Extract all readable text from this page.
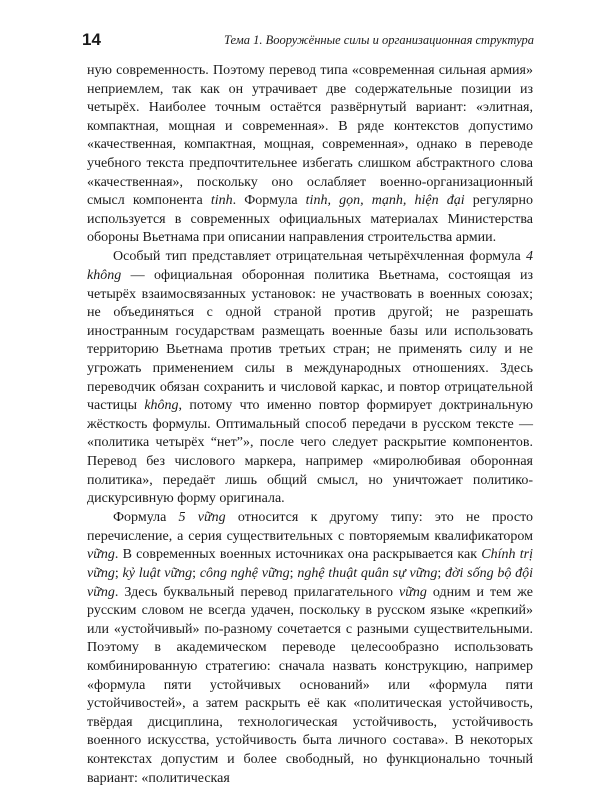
14	Тема 1. Вооружённые силы и организационная структура

ную современность. Поэтому перевод типа «современная сильная армия» неприемлем, так как он утрачивает две содержательные позиции из четырёх. Наиболее точным остаётся развёрнутый вариант: «элитная, компактная, мощная и современная». В ряде контекстов допустимо «качественная, компактная, мощная, современная», однако в переводе учебного текста предпочтительнее избегать слишком абстрактного слова «качественная», поскольку оно ослабляет военно-организационный смысл компонента tinh. Формула tinh, gọn, mạnh, hiện đại регулярно используется в современных официальных материалах Министерства обороны Вьетнама при описании направления строительства армии.

Особый тип представляет отрицательная четырёхчленная формула 4 không — официальная оборонная политика Вьетнама, состоящая из четырёх взаимосвязанных установок: не участвовать в военных союзах; не объединяться с одной страной против другой; не разрешать иностранным государствам размещать военные базы или использовать территорию Вьетнама против третьих стран; не применять силу и не угрожать применением силы в международных отношениях. Здесь переводчик обязан сохранить и числовой каркас, и повтор отрицательной частицы không, потому что именно повтор формирует доктринальную жёсткость формулы. Оптимальный способ передачи в русском тексте — «политика четырёх “нет”», после чего следует раскрытие компонентов. Перевод без числового маркера, например «миролюбивая оборонная политика», передаёт лишь общий смысл, но уничтожает политико-дискурсивную форму оригинала.

Формула 5 vững относится к другому типу: это не просто перечисление, а серия существительных с повторяемым квалификатором vững. В современных военных источниках она раскрывается как Chính trị vững; kỷ luật vững; công nghệ vững; nghệ thuật quân sự vững; đời sống bộ đội vững. Здесь буквальный перевод прилагательного vững одним и тем же русским словом не всегда удачен, поскольку в русском языке «крепкий» или «устойчивый» по-разному сочетается с разными существительными. Поэтому в академическом переводе целесообразно использовать комбинированную стратегию: сначала назвать конструкцию, например «формула пяти устойчивых оснований» или «формула пяти устойчивостей», а затем раскрыть её как «политическая устойчивость, твёрдая дисциплина, технологическая устойчивость, устойчивость военного искусства, устойчивость быта личного состава». В некоторых контекстах допустим и более свободный, но функционально точный вариант: «политическая
